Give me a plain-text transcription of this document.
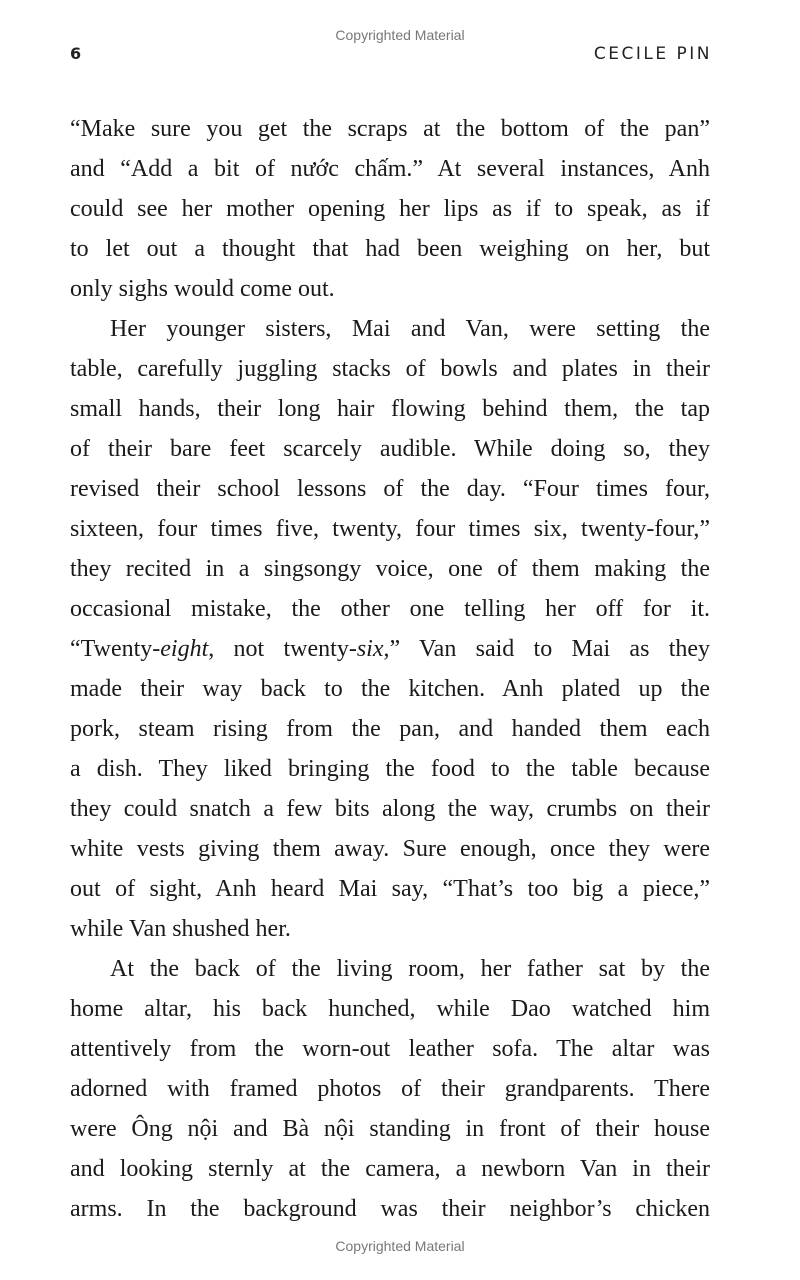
Copyrighted Material
6	CECILE PIN
“Make sure you get the scraps at the bottom of the pan”
and “Add a bit of nước chấm.” At several instances, Anh
could see her mother opening her lips as if to speak, as if
to let out a thought that had been weighing on her, but
only sighs would come out.
Her younger sisters, Mai and Van, were setting the
table, carefully juggling stacks of bowls and plates in their
small hands, their long hair flowing behind them, the tap
of their bare feet scarcely audible. While doing so, they
revised their school lessons of the day. “Four times four,
sixteen, four times five, twenty, four times six, twenty-four,”
they recited in a singsongy voice, one of them making the
occasional mistake, the other one telling her off for it.
“Twenty-eight, not twenty-six,” Van said to Mai as they
made their way back to the kitchen. Anh plated up the
pork, steam rising from the pan, and handed them each
a dish. They liked bringing the food to the table because
they could snatch a few bits along the way, crumbs on their
white vests giving them away. Sure enough, once they were
out of sight, Anh heard Mai say, “That’s too big a piece,”
while Van shushed her.
At the back of the living room, her father sat by the
home altar, his back hunched, while Dao watched him
attentively from the worn-out leather sofa. The altar was
adorned with framed photos of their grandparents. There
were Ông nội and Bà nội standing in front of their house
and looking sternly at the camera, a newborn Van in their
arms. In the background was their neighbor’s chicken
Copyrighted Material
